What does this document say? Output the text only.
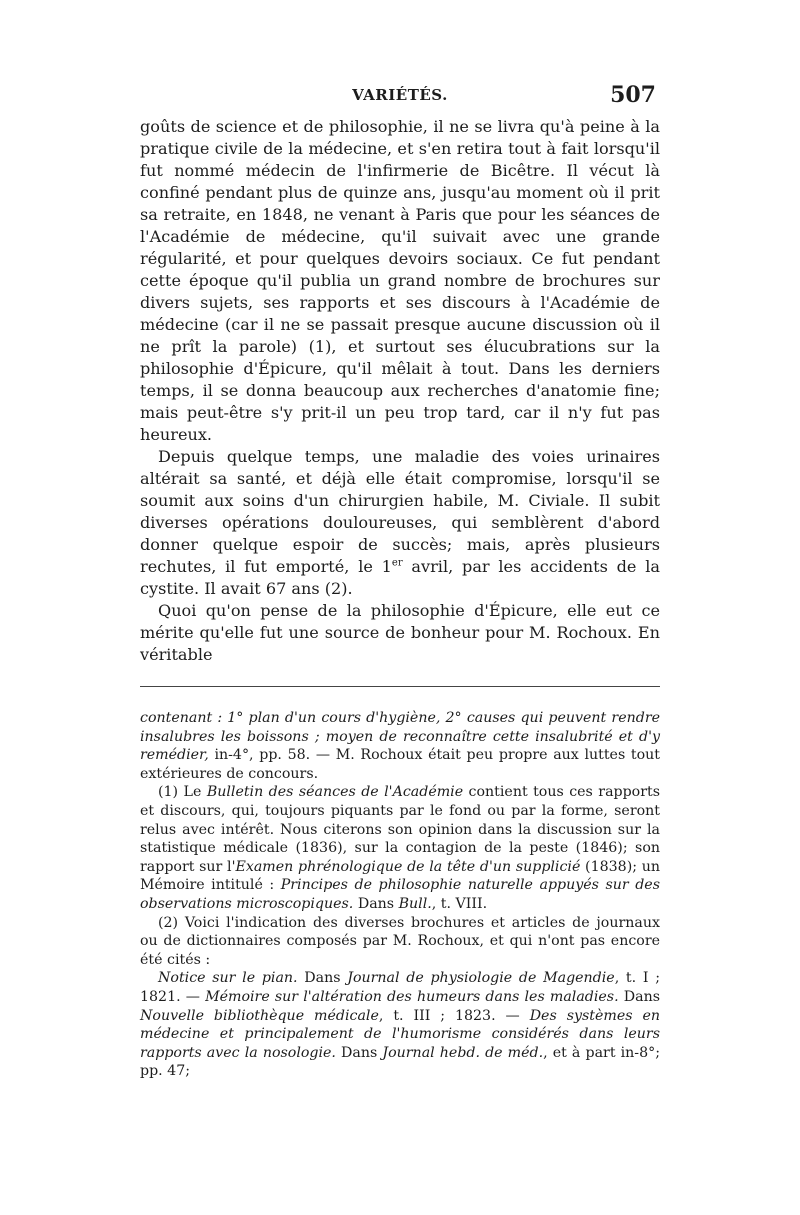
VARIÉTÉS.	507

goûts de science et de philosophie, il ne se livra qu'à peine à la pratique civile de la médecine, et s'en retira tout à fait lorsqu'il fut nommé médecin de l'infirmerie de Bicêtre. Il vécut là confiné pendant plus de quinze ans, jusqu'au moment où il prit sa retraite, en 1848, ne venant à Paris que pour les séances de l'Académie de médecine, qu'il suivait avec une grande régularité, et pour quelques devoirs sociaux. Ce fut pendant cette époque qu'il publia un grand nombre de brochures sur divers sujets, ses rapports et ses discours à l'Académie de médecine (car il ne se passait presque aucune discussion où il ne prît la parole) (1), et surtout ses élucubrations sur la philosophie d'Épicure, qu'il mêlait à tout. Dans les derniers temps, il se donna beaucoup aux recherches d'anatomie fine; mais peut-être s'y prit-il un peu trop tard, car il n'y fut pas heureux.

Depuis quelque temps, une maladie des voies urinaires altérait sa santé, et déjà elle était compromise, lorsqu'il se soumit aux soins d'un chirurgien habile, M. Civiale. Il subit diverses opérations douloureuses, qui semblèrent d'abord donner quelque espoir de succès; mais, après plusieurs rechutes, il fut emporté, le 1er avril, par les accidents de la cystite. Il avait 67 ans (2).

Quoi qu'on pense de la philosophie d'Épicure, elle eut ce mérite qu'elle fut une source de bonheur pour M. Rochoux. En véritable

contenant : 1° plan d'un cours d'hygiène, 2° causes qui peuvent rendre insalubres les boissons ; moyen de reconnaître cette insalubrité et d'y remédier, in-4°, pp. 58. — M. Rochoux était peu propre aux luttes tout extérieures de concours.

(1) Le Bulletin des séances de l'Académie contient tous ces rapports et discours, qui, toujours piquants par le fond ou par la forme, seront relus avec intérêt. Nous citerons son opinion dans la discussion sur la statistique médicale (1836), sur la contagion de la peste (1846); son rapport sur l'Examen phrénologique de la tête d'un supplicié (1838); un Mémoire intitulé : Principes de philosophie naturelle appuyés sur des observations microscopiques. Dans Bull., t. VIII.

(2) Voici l'indication des diverses brochures et articles de journaux ou de dictionnaires composés par M. Rochoux, et qui n'ont pas encore été cités :

Notice sur le pian. Dans Journal de physiologie de Magendie, t. I ; 1821. — Mémoire sur l'altération des humeurs dans les maladies. Dans Nouvelle bibliothèque médicale, t. III ; 1823. — Des systèmes en médecine et principalement de l'humorisme considérés dans leurs rapports avec la nosologie. Dans Journal hebd. de méd., et à part in-8°; pp. 47;
